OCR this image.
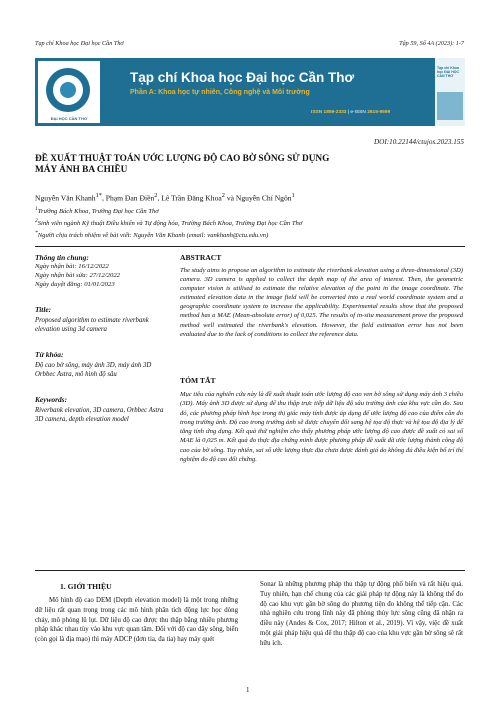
Tạp chí Khoa học Đại học Cần Thơ	Tập 59, Số 4A (2023): 1-7
ĐẠI HỌC CẦN THƠ
Tạp chí Khoa học Đại học Cần Thơ
Phần A: Khoa học tự nhiên, Công nghệ và Môi trường
ISSN 1859-2333 | e-ISSN 2615-9599
Tạp chí Khoa học ĐẠI HỌC CẦN THƠ
DOI:10.22144/ctujos.2023.155
ĐỀ XUẤT THUẬT TOÁN ƯỚC LƯỢNG ĐỘ CAO BỜ SÔNG SỬ DỤNG
MÁY ẢNH BA CHIỀU
Nguyễn Văn Khanh$^{1*}$, Phạm Đan Điền$^2$, Lê Trần Đăng Khoa$^2$ và Nguyễn Chí Ngôn$^1$
$^1$Trường Bách Khoa, Trường Đại học Cần Thơ
$^2$Sinh viên ngành Kỹ thuật Điều khiển và Tự động hóa, Trường Bách Khoa, Trường Đại học Cần Thơ
*Người chịu trách nhiệm về bài viết: Nguyễn Văn Khanh (email: vankhanh@ctu.edu.vn)
Thông tin chung:
Ngày nhận bài: 16/12/2022
Ngày nhận bài sửa: 27/12/2022
Ngày duyệt đăng: 01/01/2023
Title:
Proposed algorithm to estimate riverbank elevation using 3d camera
Từ khóa:
Độ cao bờ sông, máy ảnh 3D, máy ảnh 3D Orbbec Astra, mô hình độ sâu
Keywords:
Riverbank elevation, 3D camera, Orbbec Astra 3D camera, depth elevation model
ABSTRACT
The study aims to propose an algorithm to estimate the riverbank elevation using a three-dimensional (3D) camera. 3D camera is applied to collect the depth map of the area of interest. Then, the geometric computer vision is utilised to estimate the relative elevation of the point in the image coordinate. The estimated elevation data in the image field will be converted into a real world coordinate system and a geographic coordinate system to increase the applicability. Experimental results show that the proposed method has a MAE (Mean-absolute error) of 0,025. The results of in-situ measurement prove the proposed method well estimated the riverbank's elevation. However, the field estimation error has not been evaluated due to the lack of conditions to collect the reference data.
TÓM TẮT
Mục tiêu của nghiên cứu này là đề xuất thuật toán ước lượng độ cao ven bờ sông sử dụng máy ảnh 3 chiều (3D). Máy ảnh 3D được sử dụng để thu thập trực tiếp dữ liệu độ sâu trường ảnh của khu vực cần đo. Sau đó, các phương pháp hình học trong thị giác máy tính được áp dụng để ước lượng độ cao của điểm cần đo trong trường ảnh. Độ cao trong trường ảnh sẽ được chuyển đổi sang hệ tọa độ thực và hệ tọa độ địa lý để tăng tính ứng dụng. Kết quả thử nghiệm cho thấy phương pháp ước lượng độ cao được đề xuất có sai số MAE là 0,025 m. Kết quả đo thực địa chứng minh được phương pháp đề xuất đã ước lượng thành công độ cao của bờ sông. Tuy nhiên, sai số ước lượng thực địa chưa được đánh giá do không đủ điều kiện bố trí thí nghiệm đo độ cao đối chứng.
1. GIỚI THIỆU
Mô hình độ cao DEM (Depth elevation model) là một trong những dữ liệu rất quan trọng trong các mô hình phân tích động lực học dòng chảy, mô phỏng lũ lụt. Dữ liệu độ cao được thu thập bằng nhiều phương pháp khác nhau tùy vào khu vực quan tâm. Đối với độ cao dây sông, biển (còn gọi là địa mạo) thì máy ADCP (đơn tia, đa tia) hay máy quét
Sonar là những phương pháp thu thập tự động phổ biến và rất hiệu quả. Tuy nhiên, hạn chế chung của các giải pháp tự động này là không thể đo độ cao khu vực gần bờ sông do phương tiện đo không thể tiếp cận. Các nhà nghiên cứu trong lĩnh này đã phòng thủy lực sông cũng đã nhận ra điều này (Andes & Cox, 2017; Hilton et al., 2019). Vì vậy, việc đề xuất một giải pháp hiệu quả để thu thập độ cao của khu vực gần bờ sông sẽ rất hữu ích.
1
